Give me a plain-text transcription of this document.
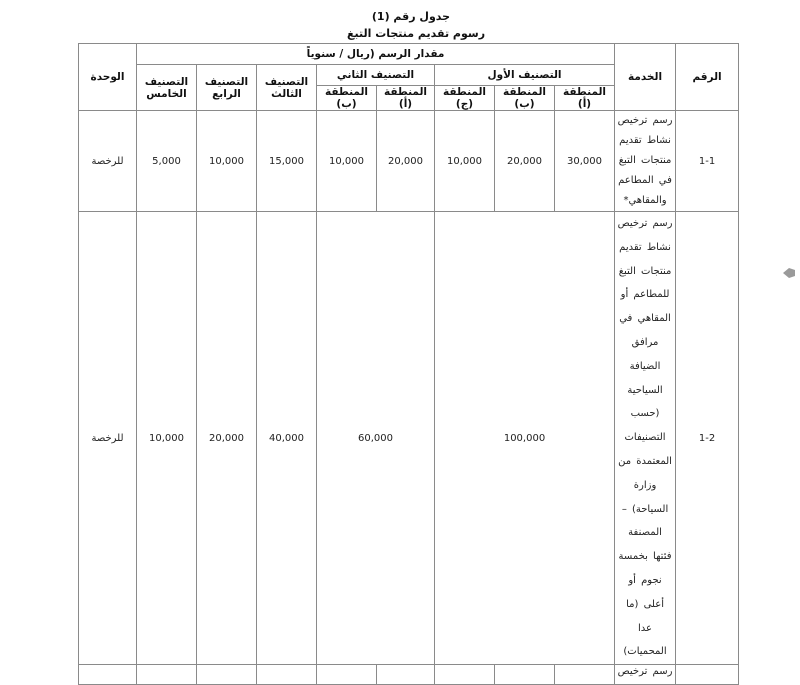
جدول رقم (1)
رسوم تقديم منتجات التبغ
الوحدة	مقدار الرسم (ريال / سنوياً								الخدمة	الرقم
	التصنيف الخامس	التصنيف الرابع	التصنيف الثالث	التصنيف الثاني		التصنيف الأول				
				المنطقة (ب)	المنطقة (أ)	المنطقة (ج)	المنطقة (ب)	المنطقة (أ)		
للرخصة	5,000	10,000	15,000	10,000	20,000	10,000	20,000	30,000	رسم ترخيص نشاط تقديم منتجات التبغ في المطاعم والمقاهي*	1-1
للرخصة	10,000	20,000	40,000	60,000		100,000			رسم ترخيص نشاط تقديم منتجات التبغ للمطاعم أو المقاهي في مرافق الضيافة السياحية (حسب التصنيفات المعتمدة من وزارة السياحة) – المصنفة فئتها بخمسة نجوم أو أعلى (ما عدا المحميات)	1-2
									رسم ترخيص	
